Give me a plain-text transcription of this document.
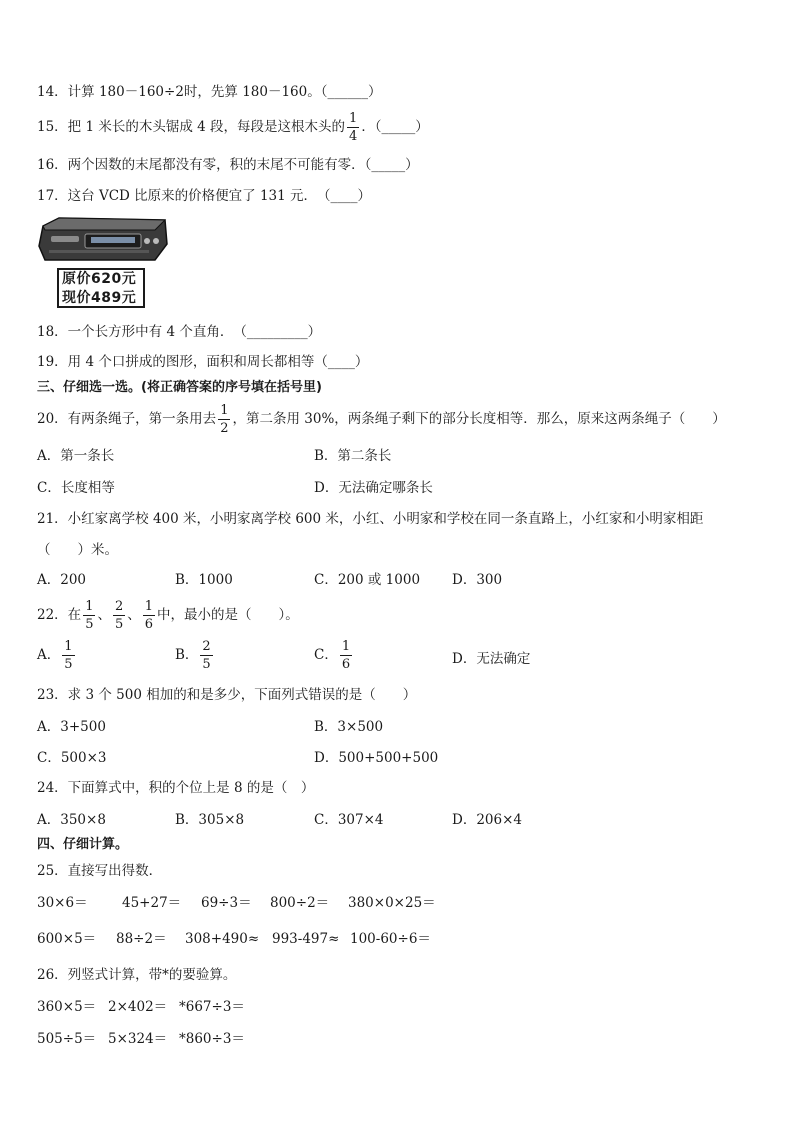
14．计算 180－160÷2时，先算 180－160。（______）
15．把 1 米长的木头锯成 4 段，每段是这根木头的 $\frac{1}{4}$ ．（_____）
16．两个因数的末尾都没有零，积的末尾不可能有零．（_____）
17．这台 VCD 比原来的价格便宜了 131 元．　（____）
原价620元
现价489元
18．一个长方形中有 4 个直角．　（_________）
19．用 4 个口拼成的图形，面积和周长都相等（____）
三、仔细选一选。(将正确答案的序号填在括号里)
20．有两条绳子，第一条用去 $\frac{1}{2}$ ，第二条用 30%，两条绳子剩下的部分长度相等．那么，原来这两条绳子（　　）
A．第一条长	B．第二条长
C．长度相等	D．无法确定哪条长
21．小红家离学校 400 米，小明家离学校 600 米，小红、小明家和学校在同一条直路上，小红家和小明家相距
（　　）米。
A．200	B．1000	C．200 或 1000 D．300
22．在 $\frac{1}{5}$ 、 $\frac{2}{5}$ 、 $\frac{1}{6}$ 中，最小的是（　　）。
A． $\frac{1}{5}$	B． $\frac{2}{5}$	C． $\frac{1}{6}$	D．无法确定
23．求 3 个 500 相加的和是多少，下面列式错误的是（　　）
A．3+500	B．3×500
C．500×3	D．500+500+500
24．下面算式中，积的个位上是 8 的是（　）
A．350×8	B．305×8	C．307×4	D．206×4
四、仔细计算。
25．直接写出得数．
30×6＝	45+27＝ 69÷3＝ 800÷2＝ 380×0×25＝
600×5＝ 88÷2＝ 308+490≈ 993-497≈ 100-60÷6＝
26．列竖式计算，带*的要验算。
360×5＝ 2×402＝ *667÷3＝
505÷5＝ 5×324＝ *860÷3＝
